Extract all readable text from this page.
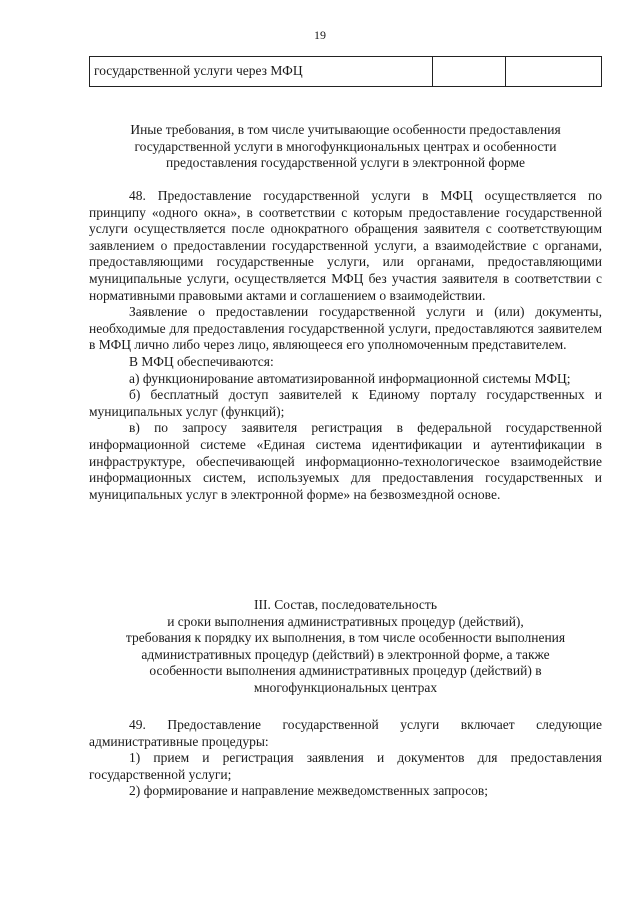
19
государственной услуги через МФЦ		
Иные требования, в том числе учитывающие особенности предоставления
государственной услуги в многофункциональных центрах и особенности
предоставления государственной услуги в электронной форме

48. Предоставление государственной услуги в МФЦ осуществляется по принципу «одного окна», в соответствии с которым предоставление государственной услуги осуществляется после однократного обращения заявителя с соответствующим заявлением о предоставлении государственной услуги, а взаимодействие с органами, предоставляющими государственные услуги, или органами, предоставляющими муниципальные услуги, осуществляется МФЦ без участия заявителя в соответствии с нормативными правовыми актами и соглашением о взаимодействии.

Заявление о предоставлении государственной услуги и (или) документы, необходимые для предоставления государственной услуги, предоставляются заявителем в МФЦ лично либо через лицо, являющееся его уполномоченным представителем.

В МФЦ обеспечиваются:

а) функционирование автоматизированной информационной системы МФЦ;

б) бесплатный доступ заявителей к Единому порталу государственных и муниципальных услуг (функций);

в) по запросу заявителя регистрация в федеральной государственной информационной системе «Единая система идентификации и аутентификации в инфраструктуре, обеспечивающей информационно-технологическое взаимодействие информационных систем, используемых для предоставления государственных и муниципальных услуг в электронной форме» на безвозмездной основе.

III. Состав, последовательность
и сроки выполнения административных процедур (действий),
требования к порядку их выполнения, в том числе особенности выполнения
административных процедур (действий) в электронной форме, а также
особенности выполнения административных процедур (действий) в
многофункциональных центрах

49. Предоставление государственной услуги включает следующие административные процедуры:

1) прием и регистрация заявления и документов для предоставления государственной услуги;

2) формирование и направление межведомственных запросов;
